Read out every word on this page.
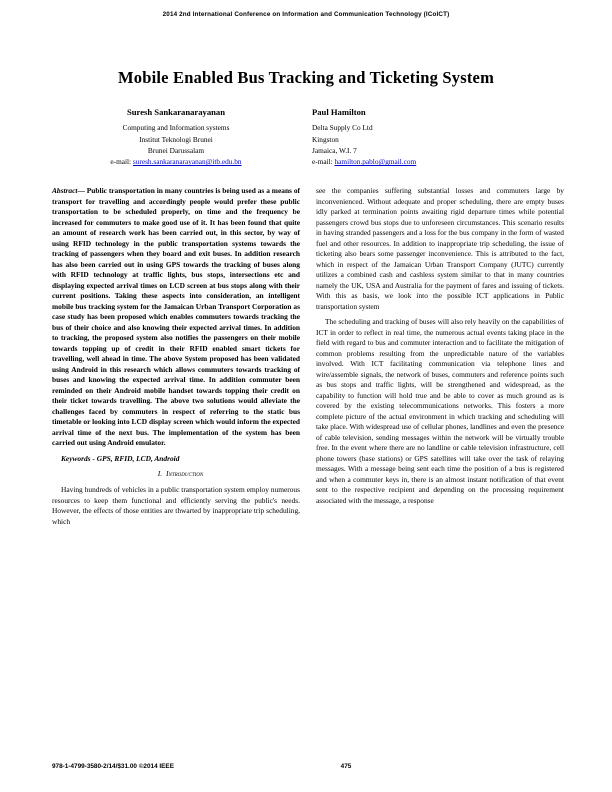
2014 2nd International Conference on Information and Communication Technology (ICoICT)
Mobile Enabled Bus Tracking and Ticketing System
Suresh Sankaranarayanan
Computing and Information systems
Institut Teknologi Brunei
Brunei Darussalam
e-mail: suresh.sankaranarayanan@itb.edu.bn
Paul Hamilton
Delta Supply Co Ltd
Kingston
Jamaica, W.I. 7
e-mail: hamilton.pablo@gmail.com

Abstract— Public transportation in many countries is being used as a means of transport for travelling and accordingly people would prefer these public transportation to be scheduled properly, on time and the frequency be increased for commuters to make good use of it. It has been found that quite an amount of research work has been carried out, in this sector, by way of using RFID technology in the public transportation systems towards the tracking of passengers when they board and exit buses. In addition research has also been carried out in using GPS towards the tracking of buses along with RFID technology at traffic lights, bus stops, intersections etc and displaying expected arrival times on LCD screen at bus stops along with their current positions. Taking these aspects into consideration, an intelligent mobile bus tracking system for the Jamaican Urban Transport Corporation as case study has been proposed which enables commuters towards tracking the bus of their choice and also knowing their expected arrival times. In addition to tracking, the proposed system also notifies the passengers on their mobile towards topping up of credit in their RFID enabled smart tickets for travelling, well ahead in time. The above System proposed has been validated using Android in this research which allows commuters towards tracking of buses and knowing the expected arrival time. In addition commuter been reminded on their Android mobile handset towards topping their credit on their ticket towards travelling. The above two solutions would alleviate the challenges faced by commuters in respect of referring to the static bus timetable or looking into LCD display screen which would inform the expected arrival time of the next bus. The implementation of the system has been carried out using Android emulator.

Keywords - GPS, RFID, LCD, Android

I. Introduction

Having hundreds of vehicles in a public transportation system employ numerous resources to keep them functional and efficiently serving the public's needs. However, the effects of those entities are thwarted by inappropriate trip scheduling, which

see the companies suffering substantial losses and commuters large by inconvenienced. Without adequate and proper scheduling, there are empty buses idly parked at termination points awaiting rigid departure times while potential passengers crowd bus stops due to unforeseen circumstances. This scenario results in having stranded passengers and a loss for the bus company in the form of wasted fuel and other resources. In addition to inappropriate trip scheduling, the issue of ticketing also bears some passenger inconvenience. This is attributed to the fact, which in respect of the Jamaican Urban Transport Company (JUTC) currently utilizes a combined cash and cashless system similar to that in many countries namely the UK, USA and Australia for the payment of fares and issuing of tickets. With this as basis, we look into the possible ICT applications in Public transportation system

The scheduling and tracking of buses will also rely heavily on the capabilities of ICT in order to reflect in real time, the numerous actual events taking place in the field with regard to bus and commuter interaction and to facilitate the mitigation of common problems resulting from the unpredictable nature of the variables involved. With ICT facilitating communication via telephone lines and wire/assemble signals, the network of buses, commuters and reference points such as bus stops and traffic lights, will be strengthened and widespread, as the capability to function will hold true and be able to cover as much ground as is covered by the existing telecommunications networks. This fosters a more complete picture of the actual environment in which tracking and scheduling will take place. With widespread use of cellular phones, landlines and even the presence of cable television, sending messages within the network will be virtually trouble free. In the event where there are no landline or cable television infrastructure, cell phone towers (base stations) or GPS satellites will take over the task of relaying messages. With a message being sent each time the position of a bus is registered and when a commuter keys in, there is an almost instant notification of that event sent to the respective recipient and depending on the processing requirement associated with the message, a response

978-1-4799-3580-2/14/$31.00 ©2014 IEEE	475
